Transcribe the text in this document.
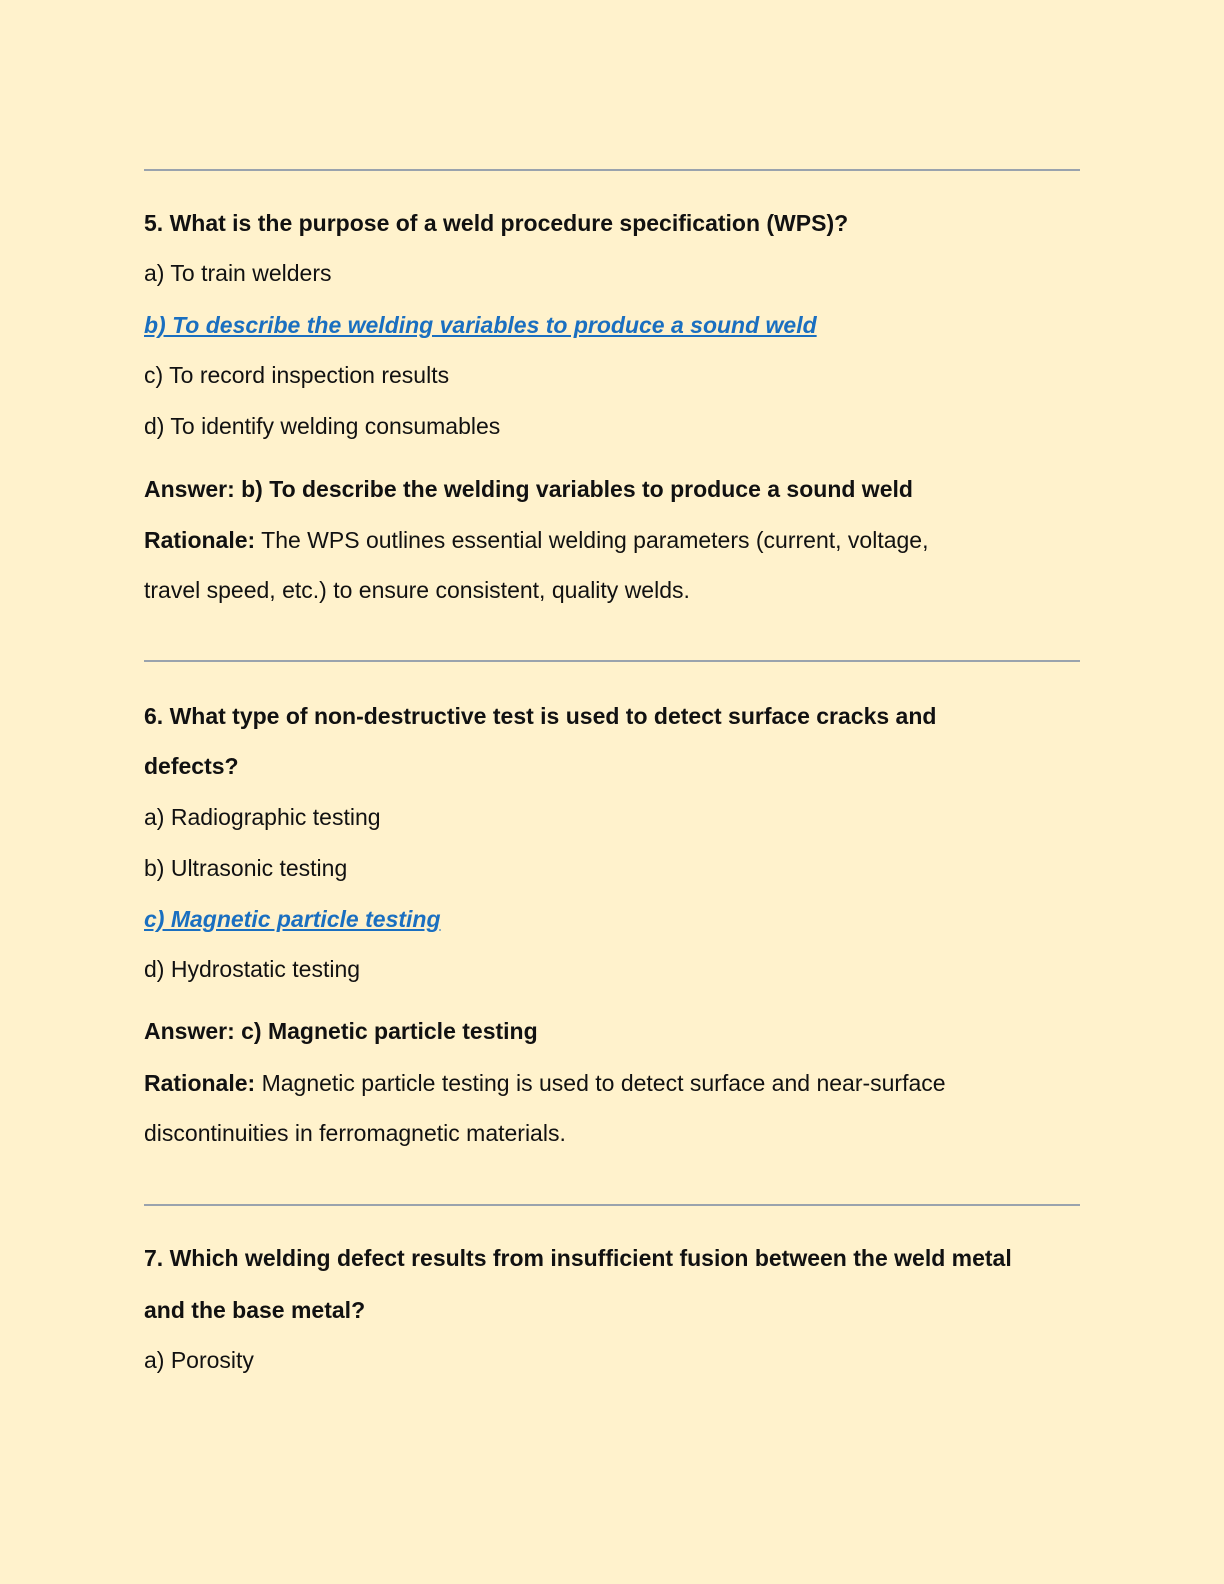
5. What is the purpose of a weld procedure specification (WPS)?
a) To train welders
b) To describe the welding variables to produce a sound weld
c) To record inspection results
d) To identify welding consumables
Answer: b) To describe the welding variables to produce a sound weld
Rationale: The WPS outlines essential welding parameters (current, voltage,
travel speed, etc.) to ensure consistent, quality welds.
6. What type of non-destructive test is used to detect surface cracks and
defects?
a) Radiographic testing
b) Ultrasonic testing
c) Magnetic particle testing
d) Hydrostatic testing
Answer: c) Magnetic particle testing
Rationale: Magnetic particle testing is used to detect surface and near-surface
discontinuities in ferromagnetic materials.
7. Which welding defect results from insufficient fusion between the weld metal
and the base metal?
a) Porosity
